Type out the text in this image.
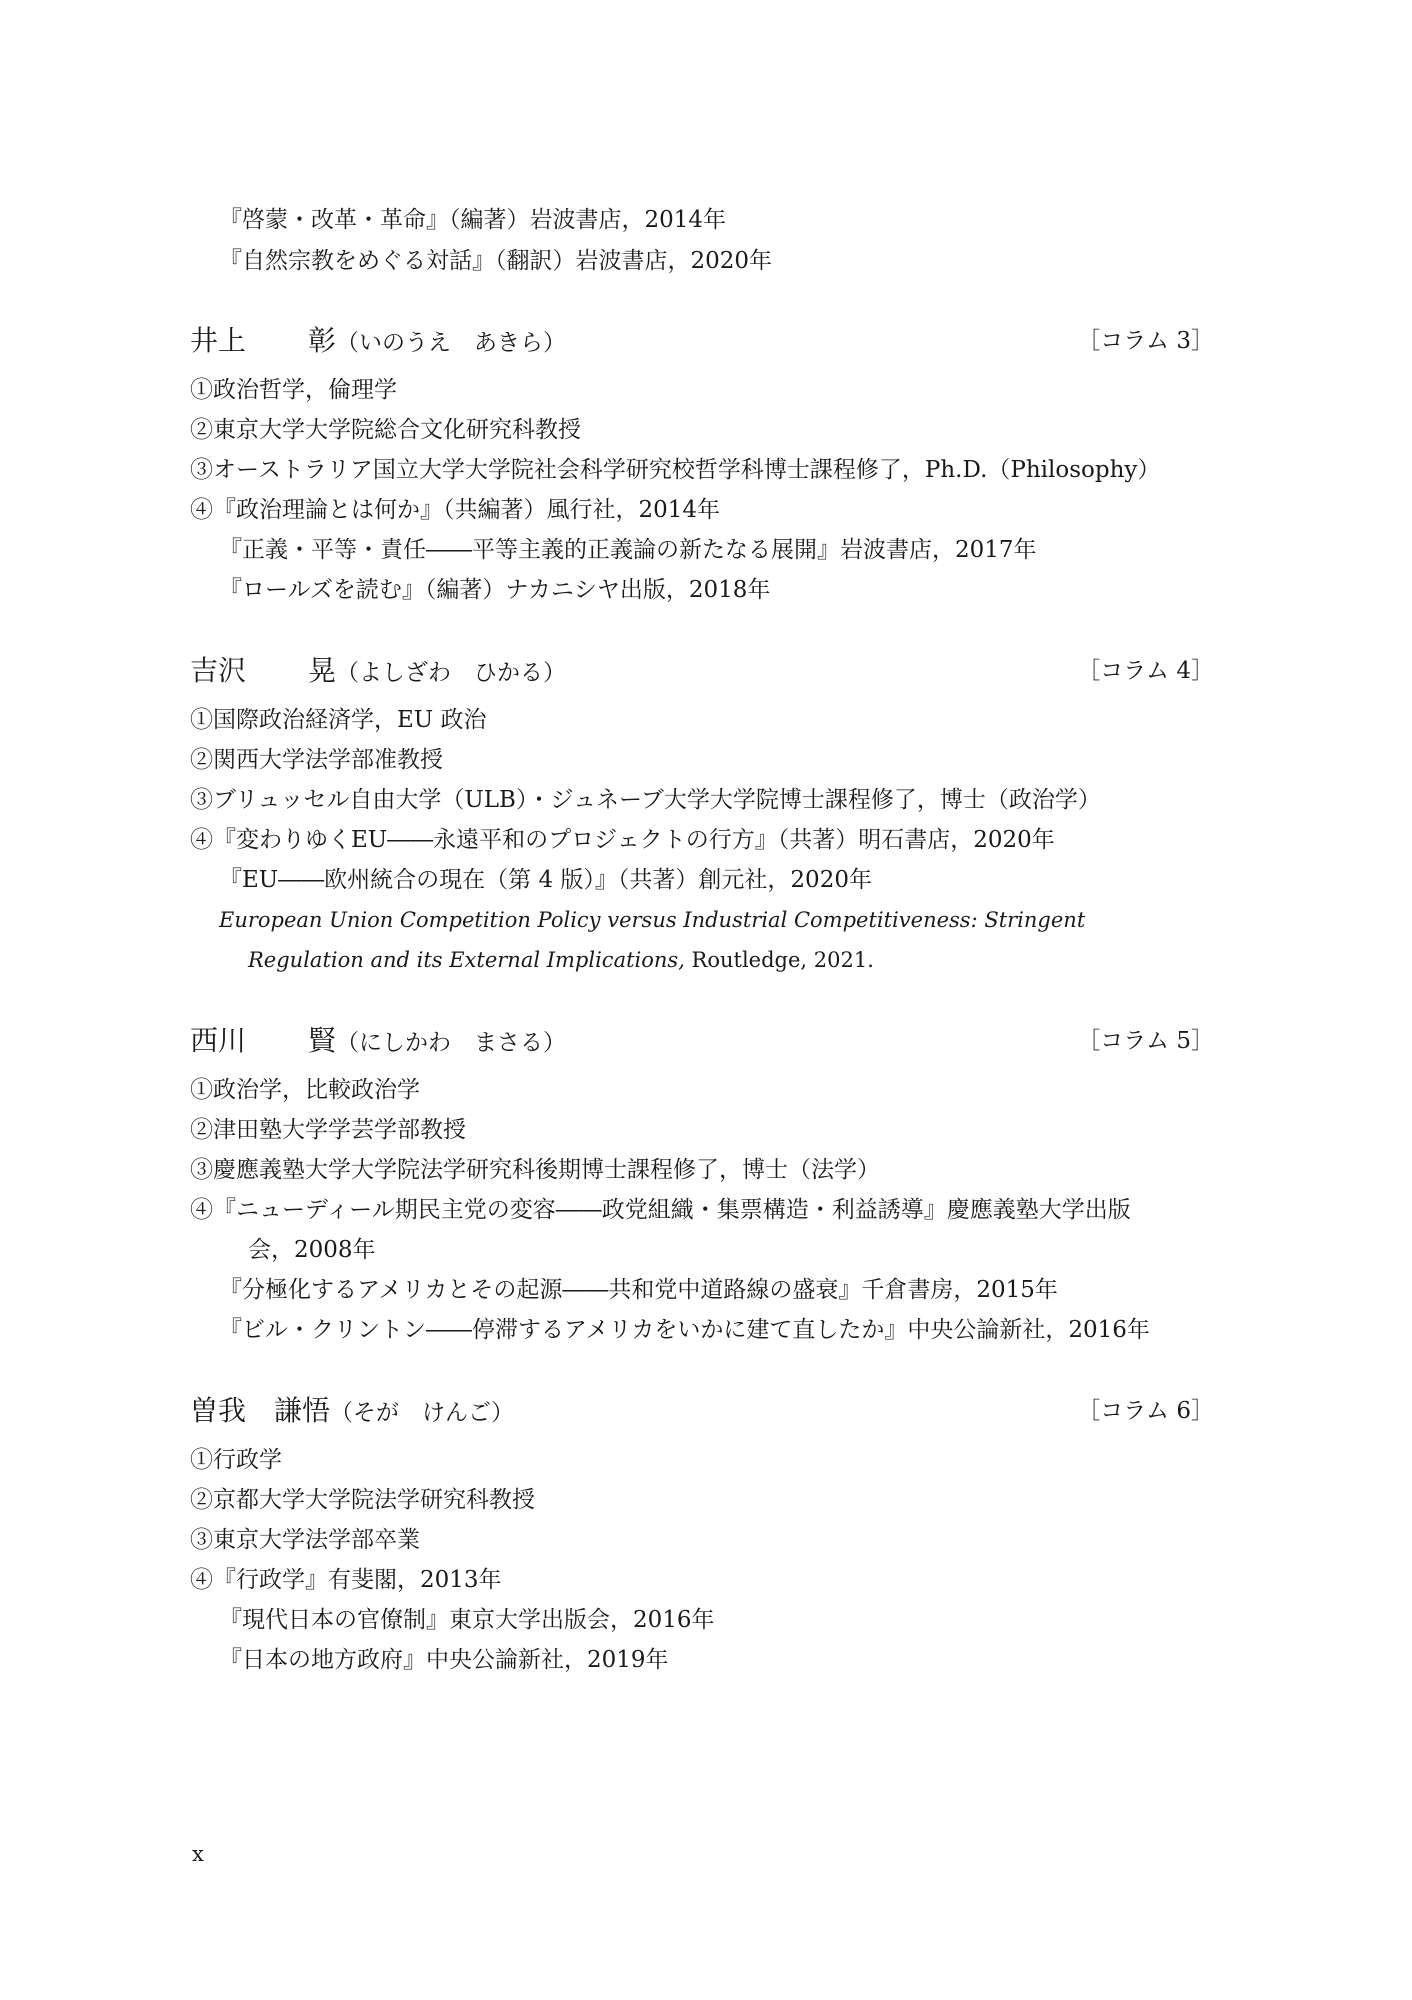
『啓蒙・改革・革命』（編著）岩波書店，2014年
『自然宗教をめぐる対話』（翻訳）岩波書店，2020年
井上 彰（いのうえ　あきら）	［コラム 3］
①政治哲学，倫理学
②東京大学大学院総合文化研究科教授
③オーストラリア国立大学大学院社会科学研究校哲学科博士課程修了，Ph.D.（Philosophy）
④『政治理論とは何か』（共編著）風行社，2014年
『正義・平等・責任――平等主義的正義論の新たなる展開』岩波書店，2017年
『ロールズを読む』（編著）ナカニシヤ出版，2018年
吉沢 晃（よしざわ　ひかる）	［コラム 4］
①国際政治経済学，EU 政治
②関西大学法学部准教授
③ブリュッセル自由大学（ULB）・ジュネーブ大学大学院博士課程修了，博士（政治学）
④『変わりゆくEU――永遠平和のプロジェクトの行方』（共著）明石書店，2020年
『EU――欧州統合の現在（第 4 版）』（共著）創元社，2020年
European Union Competition Policy versus Industrial Competitiveness: Stringent
Regulation and its External Implications, Routledge, 2021.
西川 賢（にしかわ　まさる）	［コラム 5］
①政治学，比較政治学
②津田塾大学学芸学部教授
③慶應義塾大学大学院法学研究科後期博士課程修了，博士（法学）
④『ニューディール期民主党の変容――政党組織・集票構造・利益誘導』慶應義塾大学出版
会，2008年
『分極化するアメリカとその起源――共和党中道路線の盛衰』千倉書房，2015年
『ビル・クリントン――停滞するアメリカをいかに建て直したか』中央公論新社，2016年
曽我 謙悟（そが　けんご）	［コラム 6］
①行政学
②京都大学大学院法学研究科教授
③東京大学法学部卒業
④『行政学』有斐閣，2013年
『現代日本の官僚制』東京大学出版会，2016年
『日本の地方政府』中央公論新社，2019年
x
